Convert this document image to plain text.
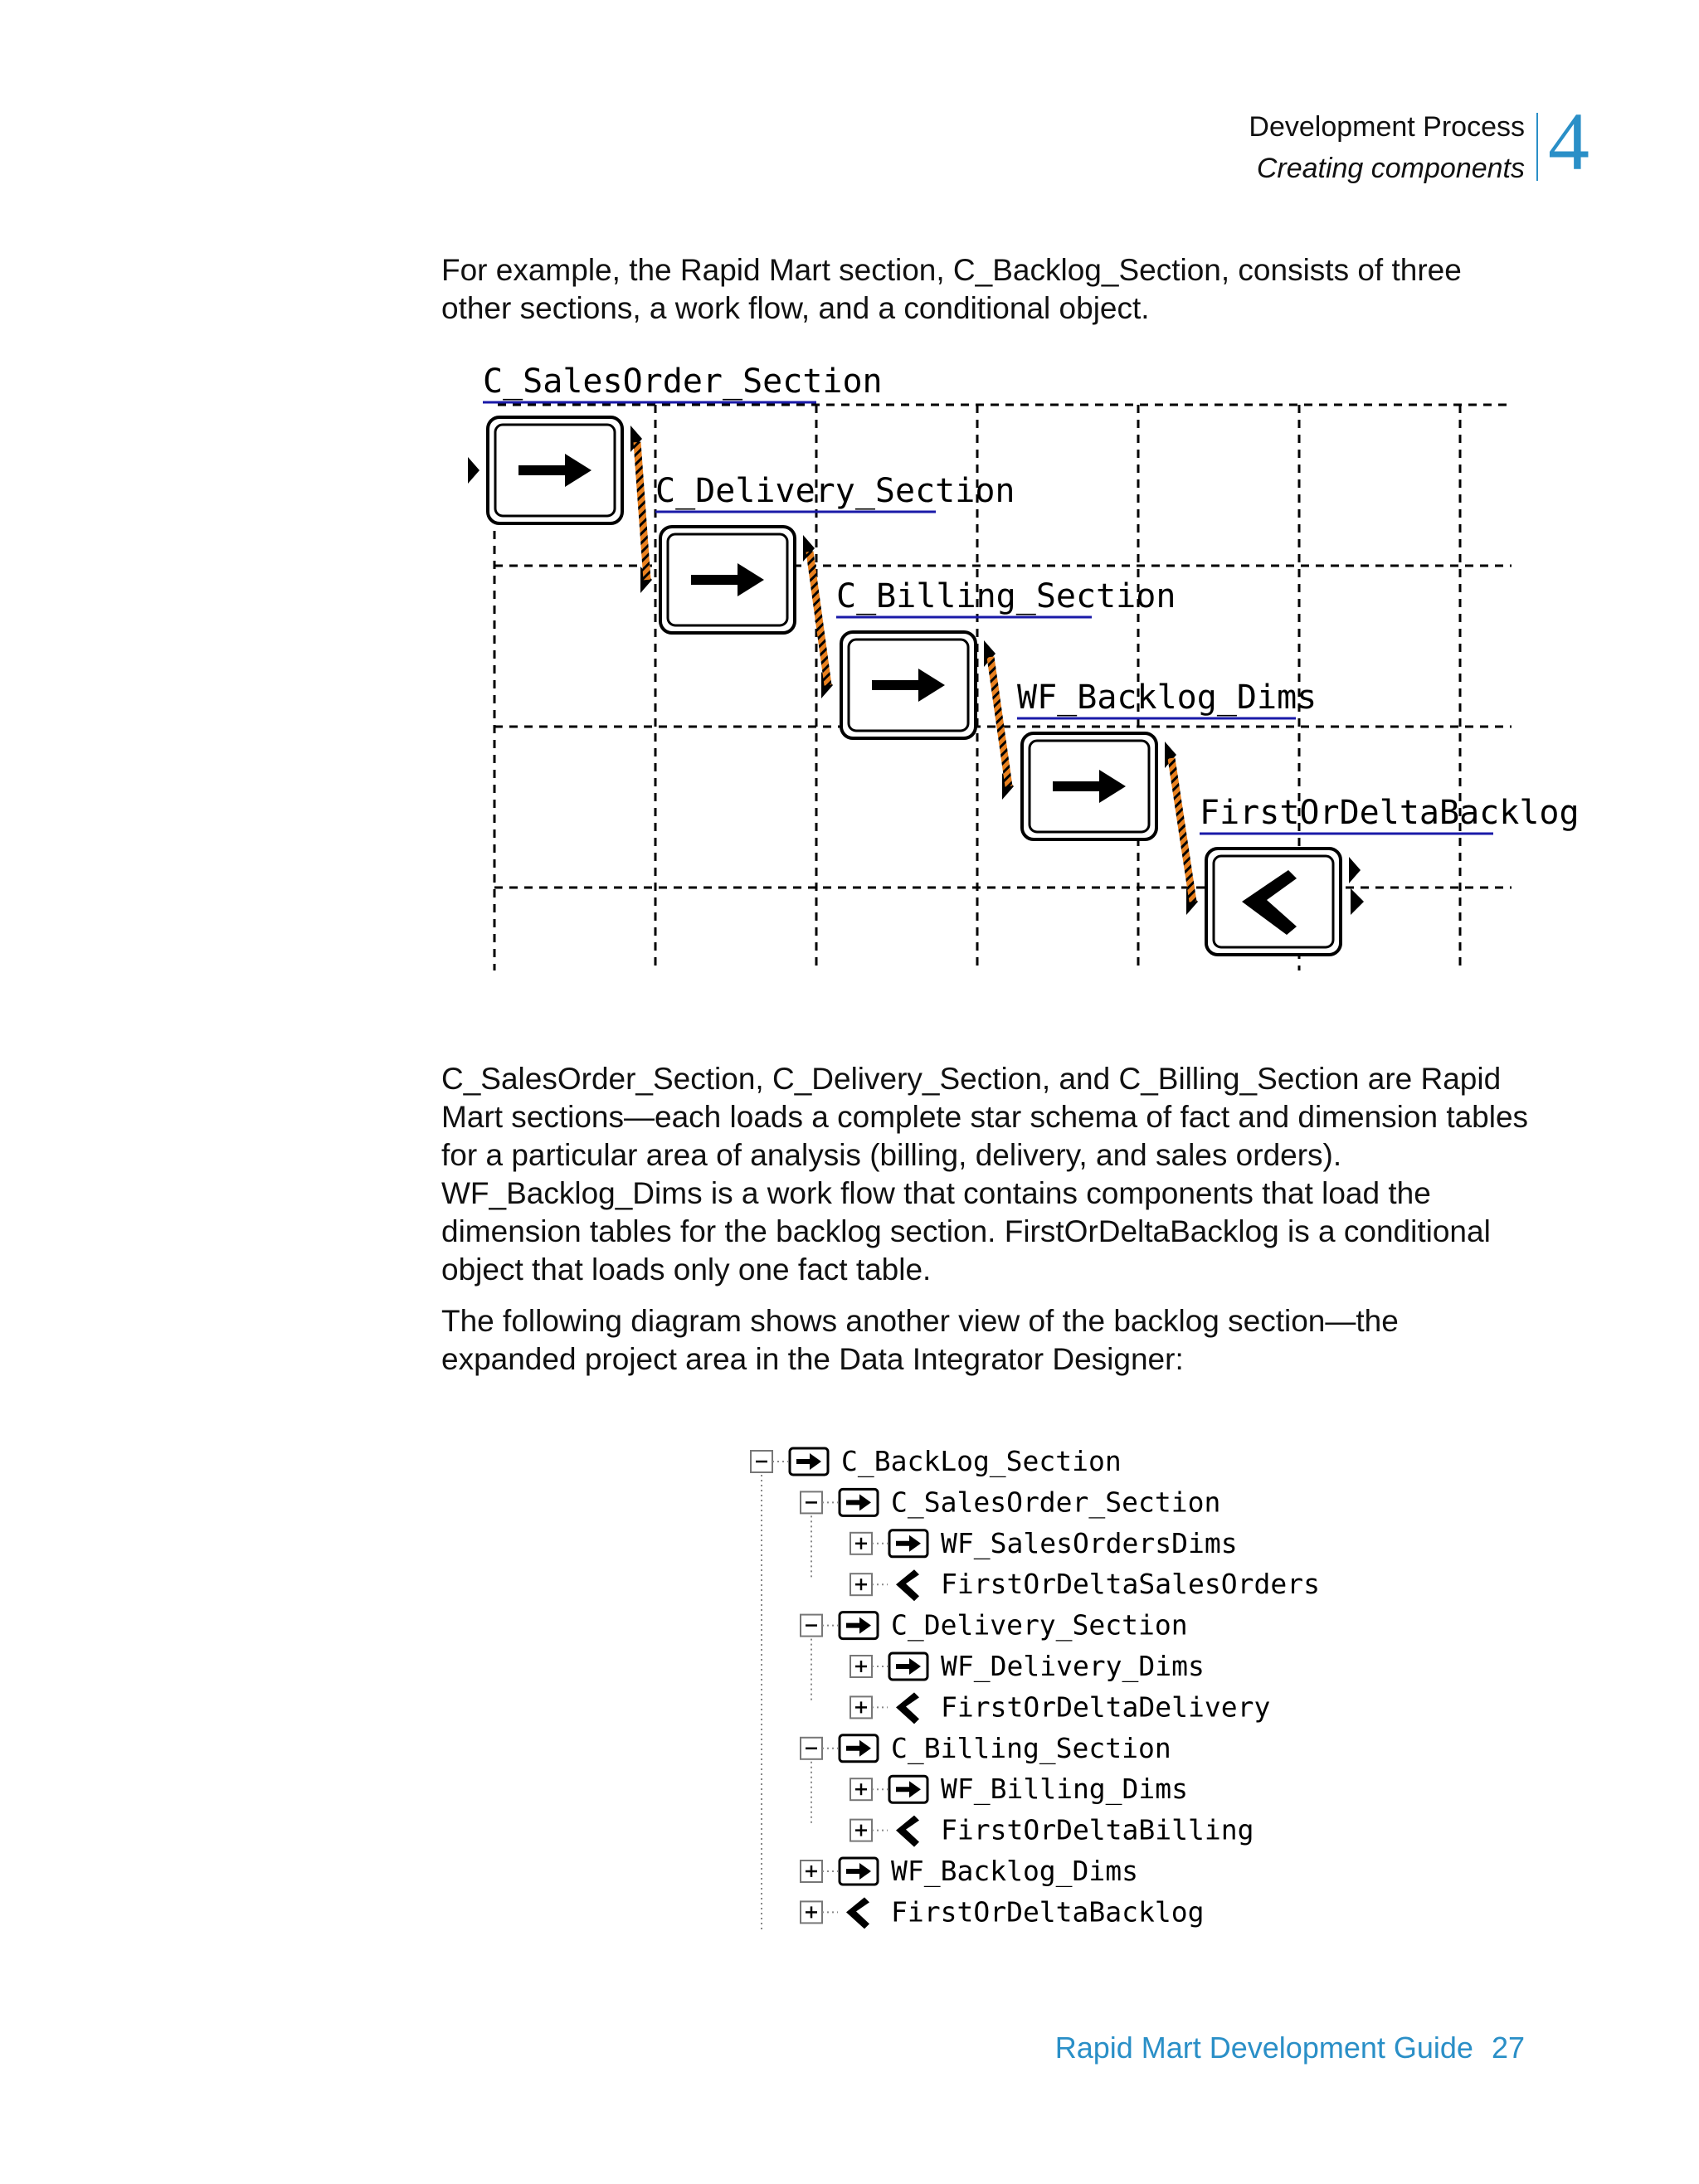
Development Process
Creating components 4

For example, the Rapid Mart section, C_Backlog_Section, consists of three other sections, a work flow, and a conditional object.

C_SalesOrder_Section, C_Delivery_Section, and C_Billing_Section are Rapid Mart sections—each loads a complete star schema of fact and dimension tables for a particular area of analysis (billing, delivery, and sales orders). WF_Backlog_Dims is a work flow that contains components that load the dimension tables for the backlog section. FirstOrDeltaBacklog is a conditional object that loads only one fact table.

The following diagram shows another view of the backlog section—the expanded project area in the Data Integrator Designer:

C_SalesOrder_Section
C_Delivery_Section
C_Billing_Section
WF_Backlog_Dims
FirstOrDeltaBacklog
C_BackLog_Section
C_SalesOrder_Section
WF_SalesOrdersDims
FirstOrDeltaSalesOrders
C_Delivery_Section
WF_Delivery_Dims
FirstOrDeltaDelivery
C_Billing_Section
WF_Billing_Dims
FirstOrDeltaBilling
WF_Backlog_Dims
FirstOrDeltaBacklog
Rapid Mart Development Guide 27
